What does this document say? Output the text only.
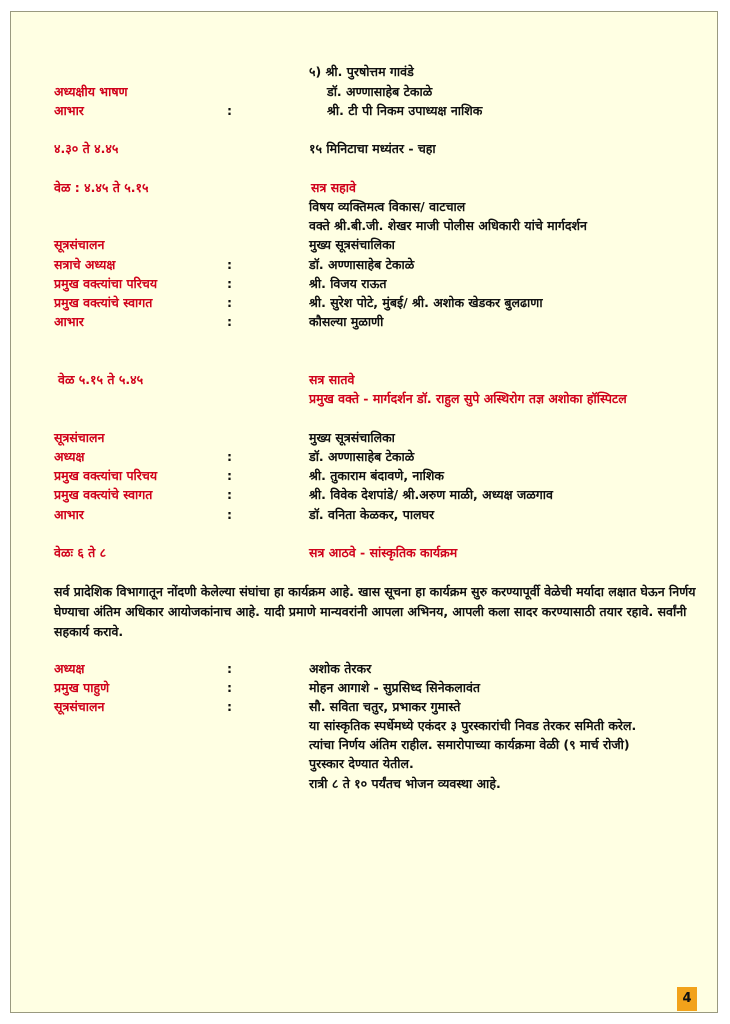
५) श्री. पुरषोत्तम गावंडे
अध्यक्षीय भाषण	डॉ. अण्णासाहेब टेकाळे
आभार	:	श्री. टी पी निकम उपाध्यक्ष नाशिक
४.३० ते ४.४५	१५ मिनिटाचा मध्यंतर - चहा
वेळ : ४.४५ ते ५.१५	सत्र सहावे
विषय व्यक्तिमत्व विकास/ वाटचाल
वक्ते श्री.बी.जी. शेखर माजी पोलीस अधिकारी यांचे मार्गदर्शन
सूत्रसंचालन	मुख्य सूत्रसंचालिका
सत्राचे अध्यक्ष	:	डॉ. अण्णासाहेब टेकाळे
प्रमुख वक्त्यांचा परिचय	:	श्री. विजय राऊत
प्रमुख वक्त्यांचे स्वागत	:	श्री. सुरेश पोटे, मुंबई/ श्री. अशोक खेडकर बुलढाणा
आभार	:	कौसल्या मुळाणी
वेळ ५.१५ ते ५.४५	सत्र सातवे
प्रमुख वक्ते - मार्गदर्शन डॉ. राहुल सुपे अस्थिरोग तज्ञ अशोका हॉस्पिटल
सूत्रसंचालन	मुख्य सूत्रसंचालिका
अध्यक्ष	:	डॉ. अण्णासाहेब टेकाळे
प्रमुख वक्त्यांचा परिचय	:	श्री. तुकाराम बंदावणे, नाशिक
प्रमुख वक्त्यांचे स्वागत	:	श्री. विवेक देशपांडे/ श्री.अरुण माळी, अध्यक्ष जळगाव
आभार	:	डॉ. वनिता केळकर, पालघर
वेळः ६ ते ८	सत्र आठवे - सांस्कृतिक कार्यक्रम
सर्व प्रादेशिक विभागातून नोंदणी केलेल्या संघांचा हा कार्यक्रम आहे. खास सूचना हा कार्यक्रम सुरु करण्यापूर्वी वेळेची मर्यादा लक्षात घेऊन निर्णय घेण्याचा अंतिम अधिकार आयोजकांनाच आहे. यादी प्रमाणे मान्यवरांनी आपला अभिनय, आपली कला सादर करण्यासाठी तयार रहावे. सर्वांनी सहकार्य करावे.
अध्यक्ष	:	अशोक तेरकर
प्रमुख पाहुणे	:	मोहन आगाशे - सुप्रसिध्द सिनेकलावंत
सूत्रसंचालन	:	सौ. सविता चतुर, प्रभाकर गुमास्ते
या सांस्कृतिक स्पर्धेमध्ये एकंदर ३ पुरस्कारांची निवड तेरकर समिती करेल.
त्यांचा निर्णय अंतिम राहील. समारोपाच्या कार्यक्रमा वेळी (९ मार्च रोजी)
पुरस्कार देण्यात येतील.
रात्री ८ ते १० पर्यंतच भोजन व्यवस्था आहे.
4
